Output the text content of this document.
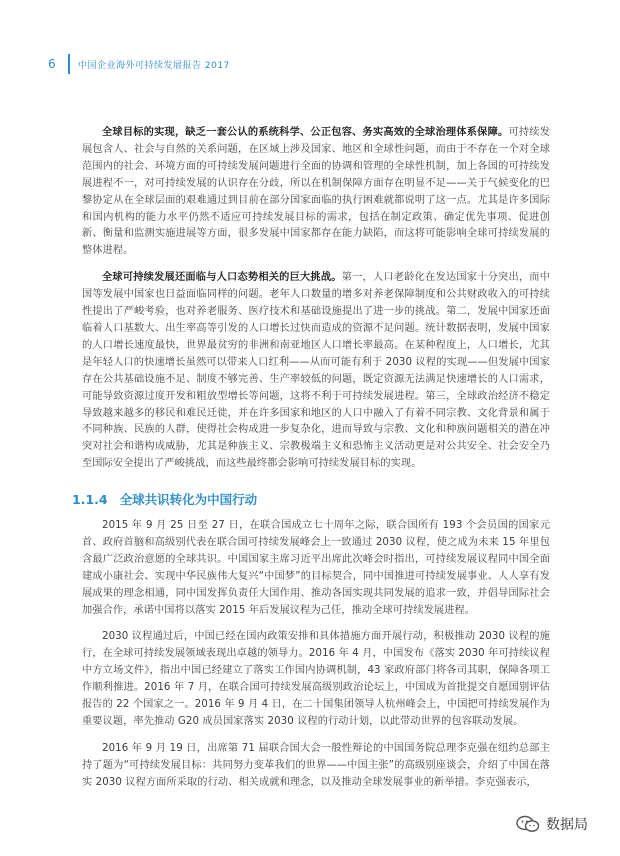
6	中国企业海外可持续发展报告 2017

全球目标的实现，缺乏一套公认的系统科学、公正包容、务实高效的全球治理体系保障。可持续发展包含人、社会与自然的关系问题，在区域上涉及国家、地区和全球性问题，而由于不存在一个对全球范围内的社会、环境方面的可持续发展问题进行全面的协调和管理的全球性机制，加上各国的可持续发展进程不一，对可持续发展的认识存在分歧，所以在机制保障方面存在明显不足——关于气候变化的巴黎协定从在全球层面的艰难通过到目前在部分国家面临的执行困难就都说明了这一点。尤其是许多国际和国内机构的能力水平仍然不适应可持续发展目标的需求，包括在制定政策、确定优先事项、促进创新、衡量和监测实施进展等方面，很多发展中国家都存在能力缺陷，而这将可能影响全球可持续发展的整体进程。

全球可持续发展还面临与人口态势相关的巨大挑战。第一，人口老龄化在发达国家十分突出，而中国等发展中国家也日益面临同样的问题。老年人口数量的增多对养老保障制度和公共财政收入的可持续性提出了严峻考验，也对养老服务、医疗技术和基础设施提出了进一步的挑战。第二，发展中国家还面临着人口基数大、出生率高等引发的人口增长过快而造成的资源不足问题。统计数据表明，发展中国家的人口增长速度最快，世界最贫穷的非洲和南亚地区人口增长率最高。在某种程度上，人口增长，尤其是年轻人口的快速增长虽然可以带来人口红利——从而可能有利于 2030 议程的实现——但发展中国家存在公共基础设施不足、制度不够完善、生产率较低的问题，既定资源无法满足快速增长的人口需求，可能导致资源过度开发和粗放型增长等问题，这将不利于可持续发展进程。第三，全球政治经济不稳定导致越来越多的移民和难民迁徙，并在许多国家和地区的人口中融入了有着不同宗教、文化背景和属于不同种族、民族的人群，使得社会构成进一步复杂化，进而导致与宗教、文化和种族问题相关的潜在冲突对社会和谐构成威胁，尤其是种族主义、宗教极端主义和恐怖主义活动更是对公共安全、社会安全乃至国际安全提出了严峻挑战，而这些最终都会影响可持续发展目标的实现。

1.1.4 全球共识转化为中国行动

2015 年 9 月 25 日至 27 日，在联合国成立七十周年之际，联合国所有 193 个会员国的国家元首、政府首脑和高级别代表在联合国可持续发展峰会上一致通过 2030 议程，使之成为未来 15 年里包含最广泛政治意愿的全球共识。中国国家主席习近平出席此次峰会时指出，可持续发展议程同中国全面建成小康社会、实现中华民族伟大复兴“中国梦”的目标契合，同中国推进可持续发展事业、人人享有发展成果的理念相通，同中国发挥负责任大国作用、推动各国实现共同发展的追求一致，并倡导国际社会加强合作，承诺中国将以落实 2015 年后发展议程为己任，推动全球可持续发展进程。

2030 议程通过后，中国已经在国内政策安排和具体措施方面开展行动，积极推动 2030 议程的施行，在全球可持续发展领域表现出卓越的领导力。2016 年 4 月，中国发布《落实 2030 年可持续议程中方立场文件》，指出中国已经建立了落实工作国内协调机制，43 家政府部门将各司其职，保障各项工作顺利推进。2016 年 7 月，在联合国可持续发展高级别政治论坛上，中国成为首批提交自愿国别评估报告的 22 个国家之一。2016 年 9 月 4 日，在二十国集团领导人杭州峰会上，中国把可持续发展作为重要议题，率先推动 G20 成员国家落实 2030 议程的行动计划，以此带动世界的包容联动发展。

2016 年 9 月 19 日，出席第 71 届联合国大会一般性辩论的中国国务院总理李克强在纽约总部主持了题为“可持续发展目标：共同努力变革我们的世界——中国主张”的高级别座谈会，介绍了中国在落实 2030 议程方面所采取的行动、相关成就和理念，以及推动全球发展事业的新举措。李克强表示，

数据局
